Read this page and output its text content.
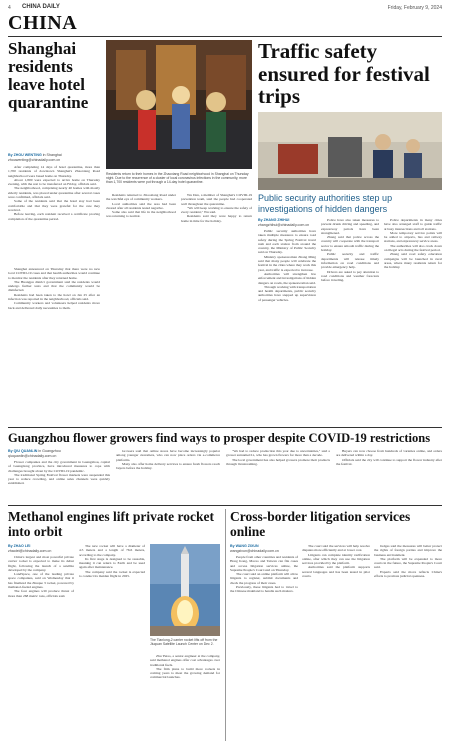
4 CHINA DAILY	Friday, February 9, 2024
CHINA
Shanghai residents leave hotel quarantine
By ZHOU WENTING in Shanghai
zhouwenting@chinadaily.com.cn

After completing 14 days of hotel quarantine, more than 1,700 residents of downtown Shanghai's Zhaoxiang Road neighborhood were bused home on Thursday.

About 1,800 were expected to arrive home on Thursday evening, with the rest to be transferred on Friday, officials said.

The neighborhood, comprising nearly 40 homes with mostly elderly residents, was placed under quarantine after several cases were confirmed, officials said.

Some of the residents said that the hotel stay had been comfortable and that they were grateful for the care they received.

Before leaving, each resident received a certificate proving completion of the quarantine period.

Shanghai announced on Thursday that there were no new local COVID-19 cases and that health authorities would continue to monitor the residents after they returned home.

The Huangpu district government said the residents would undergo further tests and that the community would be disinfected.

Residents had been taken to the hotel on Jan 25 after an infection was reported in the neighborhood, officials said.

Community workers and volunteers helped residents move back and delivered daily necessities to them.

Residents return to their homes in the Zhaoxiang Road neighborhood in Shanghai on Thursday night. Due to the recurrence of a cluster of local coronavirus infections in the community, more than 1,700 residents were put through a 14-day hotel quarantine.

Residents returned to Zhaoxiang Road under the watchful eye of community workers.

Local authorities said the area had been cleared after all residents tested negative.

Some also said that life in the neighborhood was returning to normal.

Wu Dan, a member of Shanghai's COVID-19 prevention team, said the people had cooperated well throughout the quarantine.

"We will keep working to ensure the safety of every resident," Wu said.

Residents said they were happy to return home in time for the holiday.

Traffic safety ensured for festival trips
Public security authorities step up investigations of hidden dangers
By ZHANG ZHIHUI
zhangzhihui@chinadaily.com.cn

Public security authorities have taken multiple measures to ensure road safety during the Spring Festival travel rush and each station from around the country, the Ministry of Public Security said on Thursday.

Ministry spokeswoman Zhang Ming said that many people will celebrate the festival in the cities where they work this year, and traffic is expected to increase.

Authorities will strengthen law enforcement and investigations of hidden dangers on roads, the spokeswoman said.

Through working with transportation and health departments, public security authorities have stepped up supervision of passenger vehicles.

Police have also taken measures to prevent drunk driving and speeding, and expressway patrols have been strengthened.

Zhang said that police across the country will cooperate with the transport sector to ensure smooth traffic during the holiday.

Public security and traffic departments will release timely information on road conditions and provide emergency help.

Drivers are asked to pay attention to road conditions and weather forecasts before traveling.

Police departments in many cities have also arranged staff to guide traffic at busy intersections and toll stations.

More temporary service points will be added to airports, bus and railway stations, and expressway service areas.

The authorities will also crack down on illegal acts during the festival period.

Zhang said road safety education campaigns will be launched in rural areas, where many residents return for the holiday.

Guangzhou flower growers find ways to prosper despite COVID-19 restrictions
By QIU QUANLIN in Guangzhou
qiuquanlin@chinadaily.com.cn

Flower companies and the city government in Guangzhou, capital of Guangdong province, have introduced measures to cope with challenges brought about by the COVID-19 pandemic.

The traditional Spring Festival flower markets were suspended this year to reduce crowding, and online sales channels were quickly established.

Growers said that online stores have become increasingly popular among younger customers, who can now place orders via e-commerce platforms.

Many also offer home delivery services to ensure fresh flowers reach buyers before the holiday.

"We had to reduce production this year due to uncertainties," said a grower surnamed Li, who has grown flowers for more than a decade.

The local government has also helped growers promote their products through livestreaming.

Buyers can now choose from hundreds of varieties online, and orders are delivered within a day.

Officials said the city will continue to support the flower industry after the festival.

Methanol engines lift private rocket into orbit
By ZHAO LEI
zhaolei@chinadaily.com.cn

China's largest and most powerful private carrier rocket is expected to make its debut flight, following the launch of a satellite developed by the company.

LandSpace, one of the leading private space companies, said on Wednesday that it has finalized the Zhuque 3 rocket, powered by methanol-fueled engines.

The four engines will produce thrust of more than 268 metric tons, officials said.

The new rocket will have a diameter of 4.5 meters and a length of 76.6 meters, according to the company.

Its first stage is designed to be reusable, meaning it can return to Earth and be used again after maintenance.

The company said the rocket is expected to conduct its maiden flight in 2025.

The Tianlong-2 carrier rocket lifts off from the Jiuquan Satellite Launch Center on Dec 2.

Zhu Yutao, a senior engineer at the company, said methanol engines offer cost advantages over traditional fuels.

The firm plans to build more rockets in coming years to meet the growing demand for commercial launches.

Cross-border litigation services online
By WANG ZIXUN
wangzixun@chinadaily.com.cn

People from other countries and residents of Hong Kong, Macao and Taiwan can file cases and access litigation services online, the Supreme People's Court said on Thursday.

The court said an online platform will allow litigants to register, submit documents and check the progress of their cases.

Previously, these litigants had to travel to the Chinese mainland to handle such matters.

The court said the services will help resolve disputes more efficiently and at lower cost.

Litigants can complete identity verification online, after which they can use the litigation services provided by the platform.

Authorities said the platform supports several languages and has been tested in pilot courts.

Judges said the measures will better protect the rights of foreign parties and improve the business environment.

The platform will be expanded to more courts in the future, the Supreme People's Court said.

Experts said the move reflects China's efforts to promote judicial openness.
